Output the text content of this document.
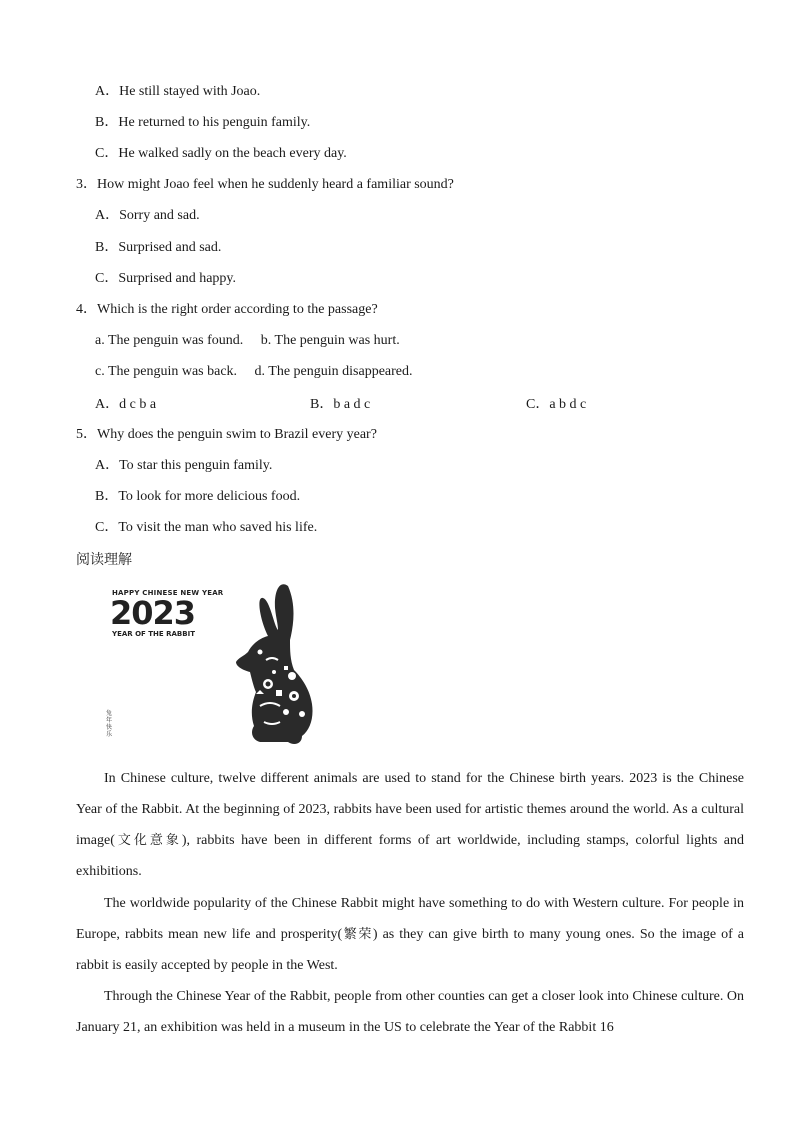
A．He still stayed with Joao.
B．He returned to his penguin family.
C．He walked sadly on the beach every day.
3．How might Joao feel when he suddenly heard a familiar sound?
A．Sorry and sad.
B．Surprised and sad.
C．Surprised and happy.
4．Which is the right order according to the passage?
a. The penguin was found.     b. The penguin was hurt.
c. The penguin was back.     d. The penguin disappeared.
A．d c b a	B．b a d c	C．a b d c
5．Why does the penguin swim to Brazil every year?
A．To star this penguin family.
B．To look for more delicious food.
C．To visit the man who saved his life.
阅读理解
HAPPY CHINESE NEW YEAR
2023
YEAR OF THE RABBIT
兔年快乐
In Chinese culture, twelve different animals are used to stand for the Chinese birth years. 2023 is the Chinese Year of the Rabbit. At the beginning of 2023, rabbits have been used for artistic themes around the world. As a cultural image(文化意象), rabbits have been in different forms of art worldwide, including stamps, colorful lights and exhibitions.
The worldwide popularity of the Chinese Rabbit might have something to do with Western culture. For people in Europe, rabbits mean new life and prosperity(繁荣) as they can give birth to many young ones. So the image of a rabbit is easily accepted by people in the West.
Through the Chinese Year of the Rabbit, people from other counties can get a closer look into Chinese culture. On January 21, an exhibition was held in a museum in the US to celebrate the Year of the Rabbit 16
